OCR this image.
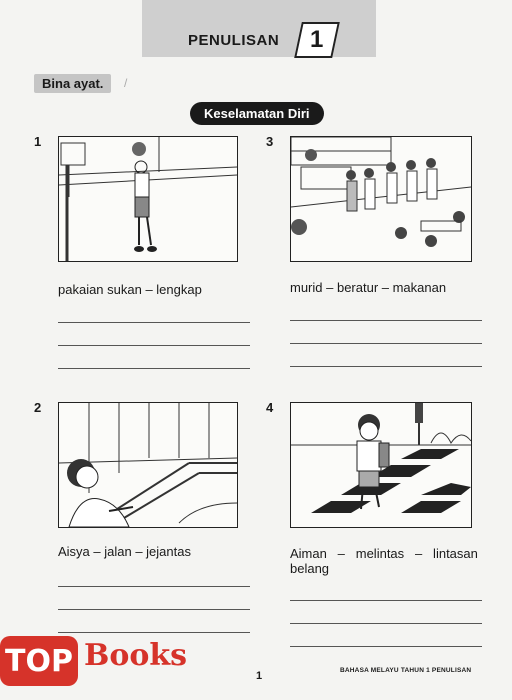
PENULISAN 1
Bina ayat.	/
Keselamatan Diri
1
pakaian sukan – lengkap
3
murid – beratur – makanan
2
Aisya – jalan – jejantas
4
Aiman   –   melintas   –   lintasan
belang
1	BAHASA MELAYU TAHUN 1 PENULISAN
TOP Books
